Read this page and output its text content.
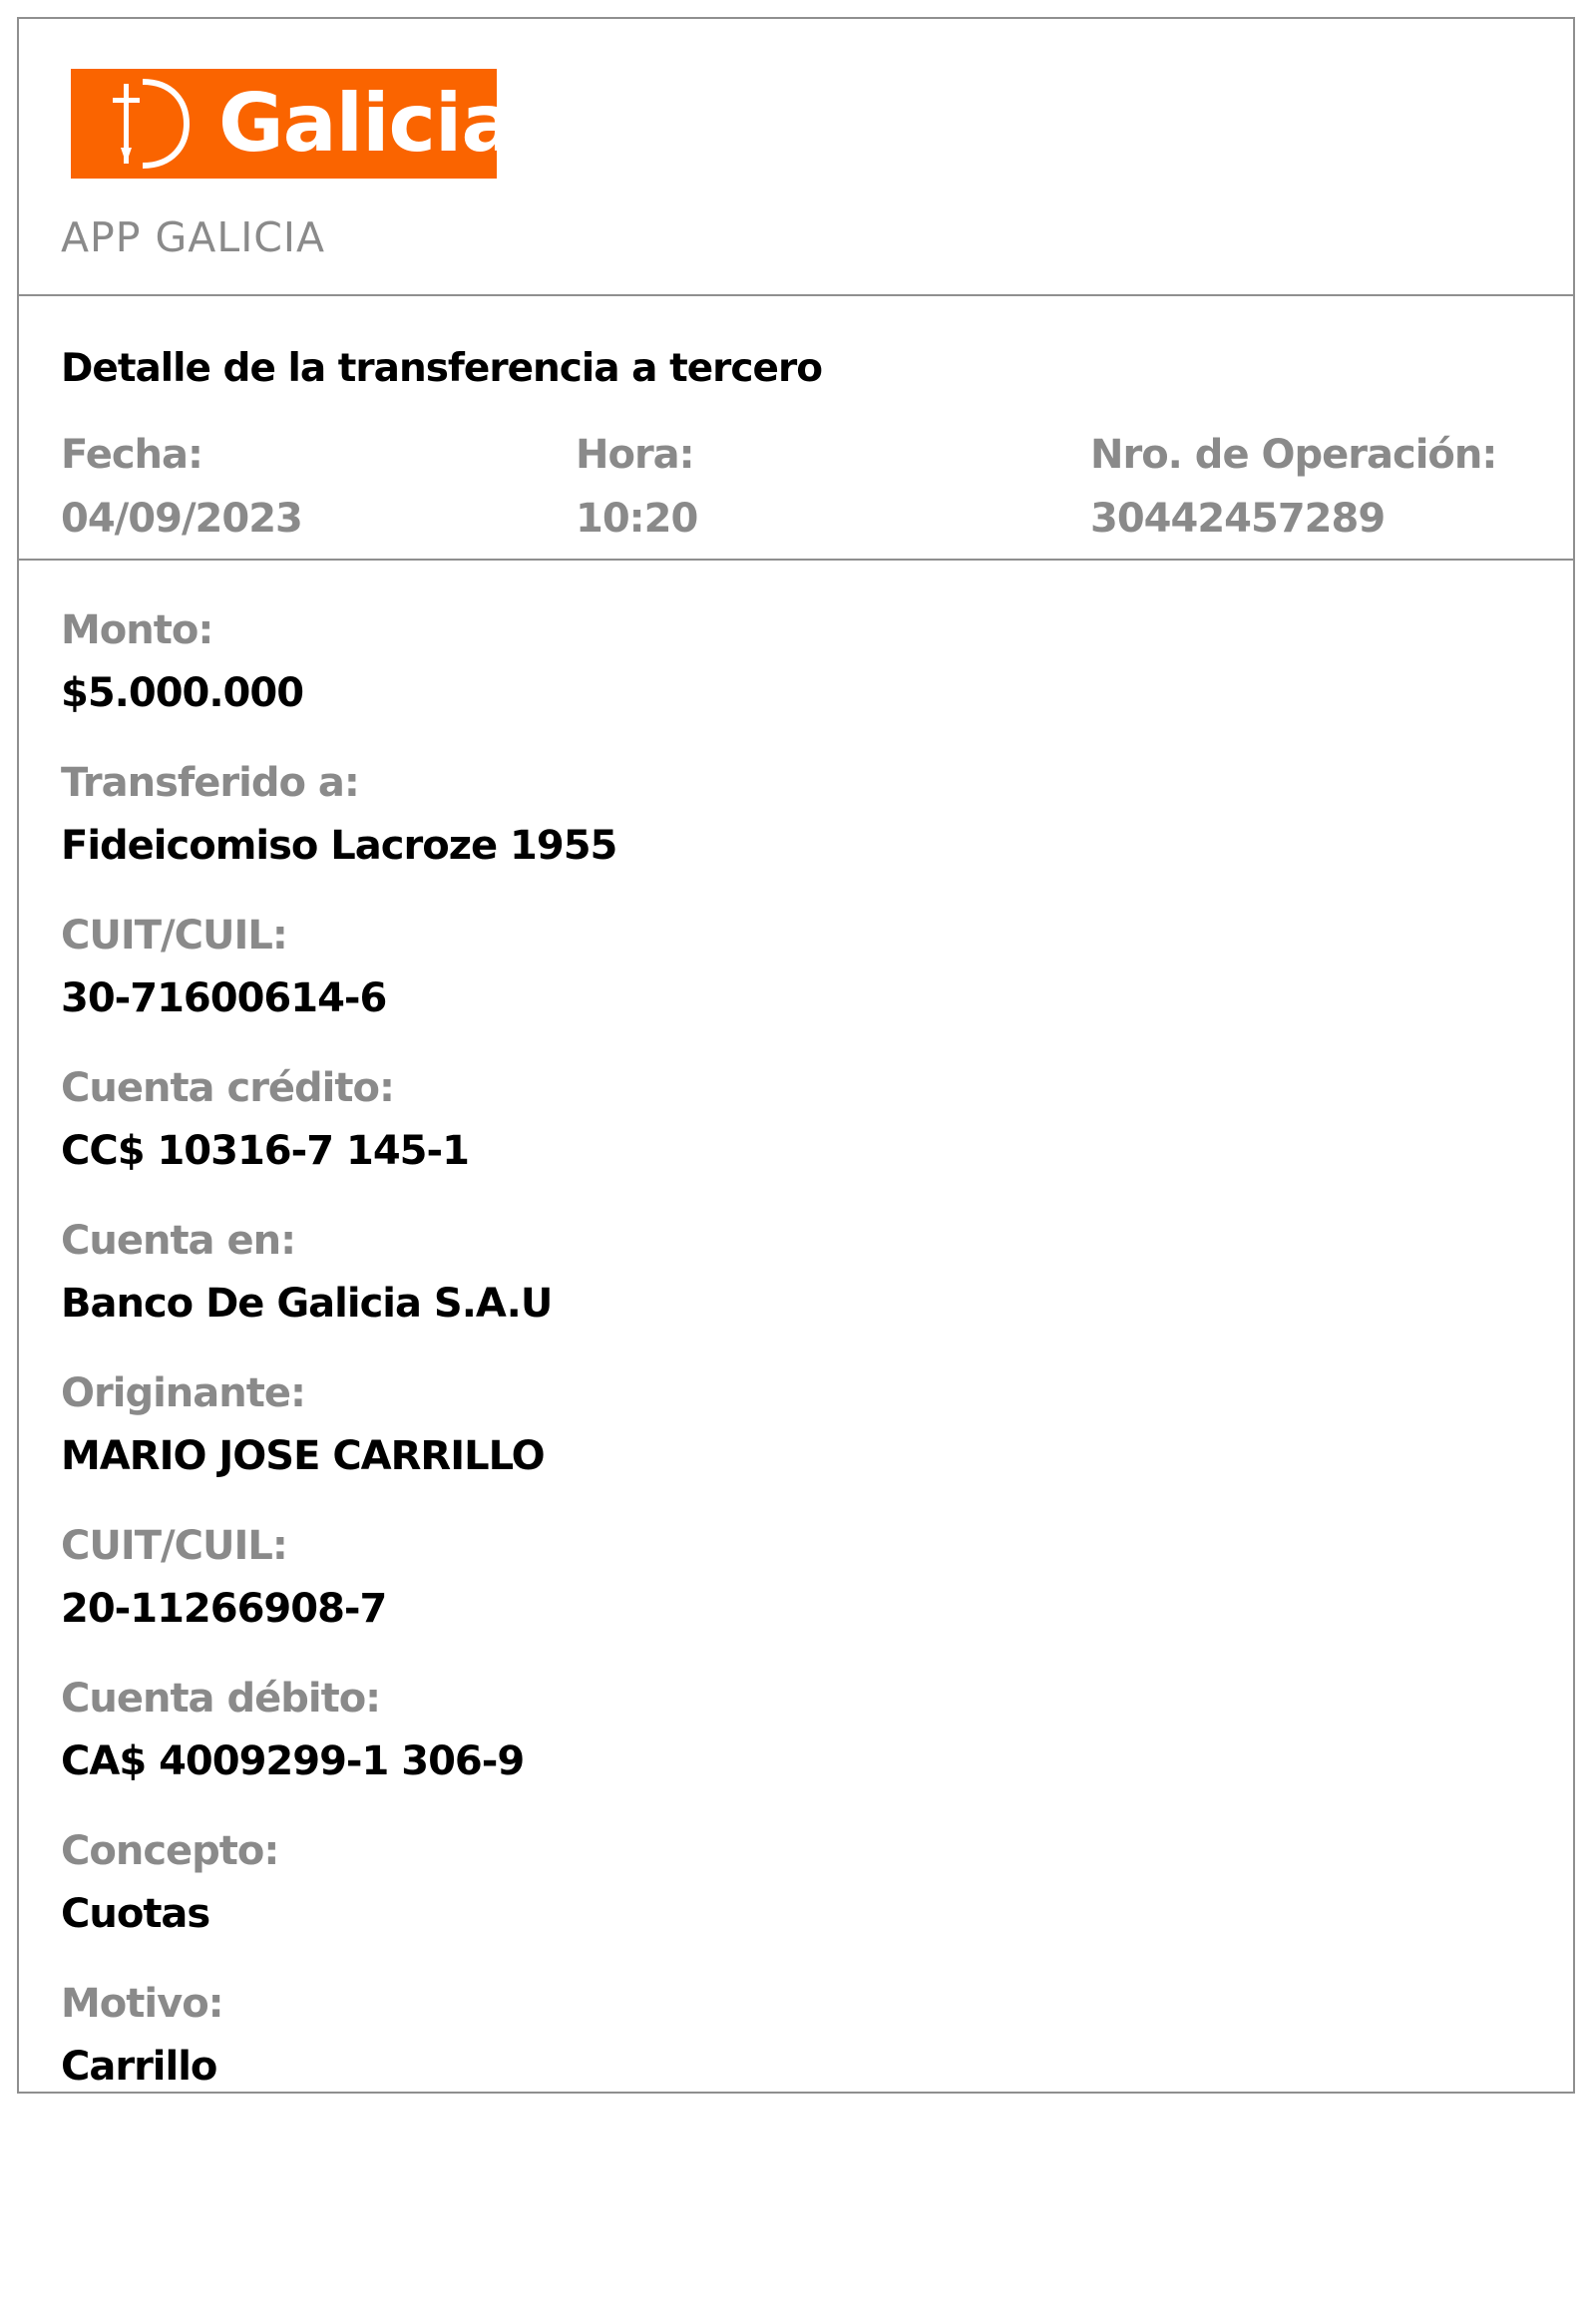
Galicia
APP GALICIA
Detalle de la transferencia a tercero
Fecha:
04/09/2023
Hora:
10:20
Nro. de Operación:
30442457289
Monto:
$5.000.000
Transferido a:
Fideicomiso Lacroze 1955
CUIT/CUIL:
30-71600614-6
Cuenta crédito:
CC$ 10316-7 145-1
Cuenta en:
Banco De Galicia S.A.U
Originante:
MARIO JOSE CARRILLO
CUIT/CUIL:
20-11266908-7
Cuenta débito:
CA$ 4009299-1 306-9
Concepto:
Cuotas
Motivo:
Carrillo
